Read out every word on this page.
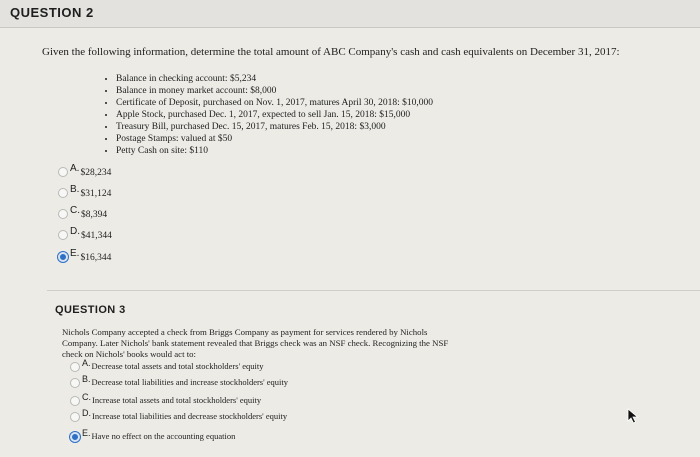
QUESTION 2
Given the following information, determine the total amount of ABC Company's cash and cash equivalents on December 31, 2017:
• Balance in checking account: $5,234
• Balance in money market account: $8,000
• Certificate of Deposit, purchased on Nov. 1, 2017, matures April 30, 2018: $10,000
• Apple Stock, purchased Dec. 1, 2017, expected to sell Jan. 15, 2018: $15,000
• Treasury Bill, purchased Dec. 15, 2017, matures Feb. 15, 2018: $3,000
• Postage Stamps: valued at $50
• Petty Cash on site: $110
A. $28,234
B. $31,124
C. $8,394
D. $41,344
E. $16,344
QUESTION 3
Nichols Company accepted a check from Briggs Company as payment for services rendered by Nichols
Company. Later Nichols' bank statement revealed that Briggs check was an NSF check. Recognizing the NSF
check on Nichols' books would act to:
A. Decrease total assets and total stockholders' equity
B. Decrease total liabilities and increase stockholders' equity
C. Increase total assets and total stockholders' equity
D. Increase total liabilities and decrease stockholders' equity
E. Have no effect on the accounting equation
